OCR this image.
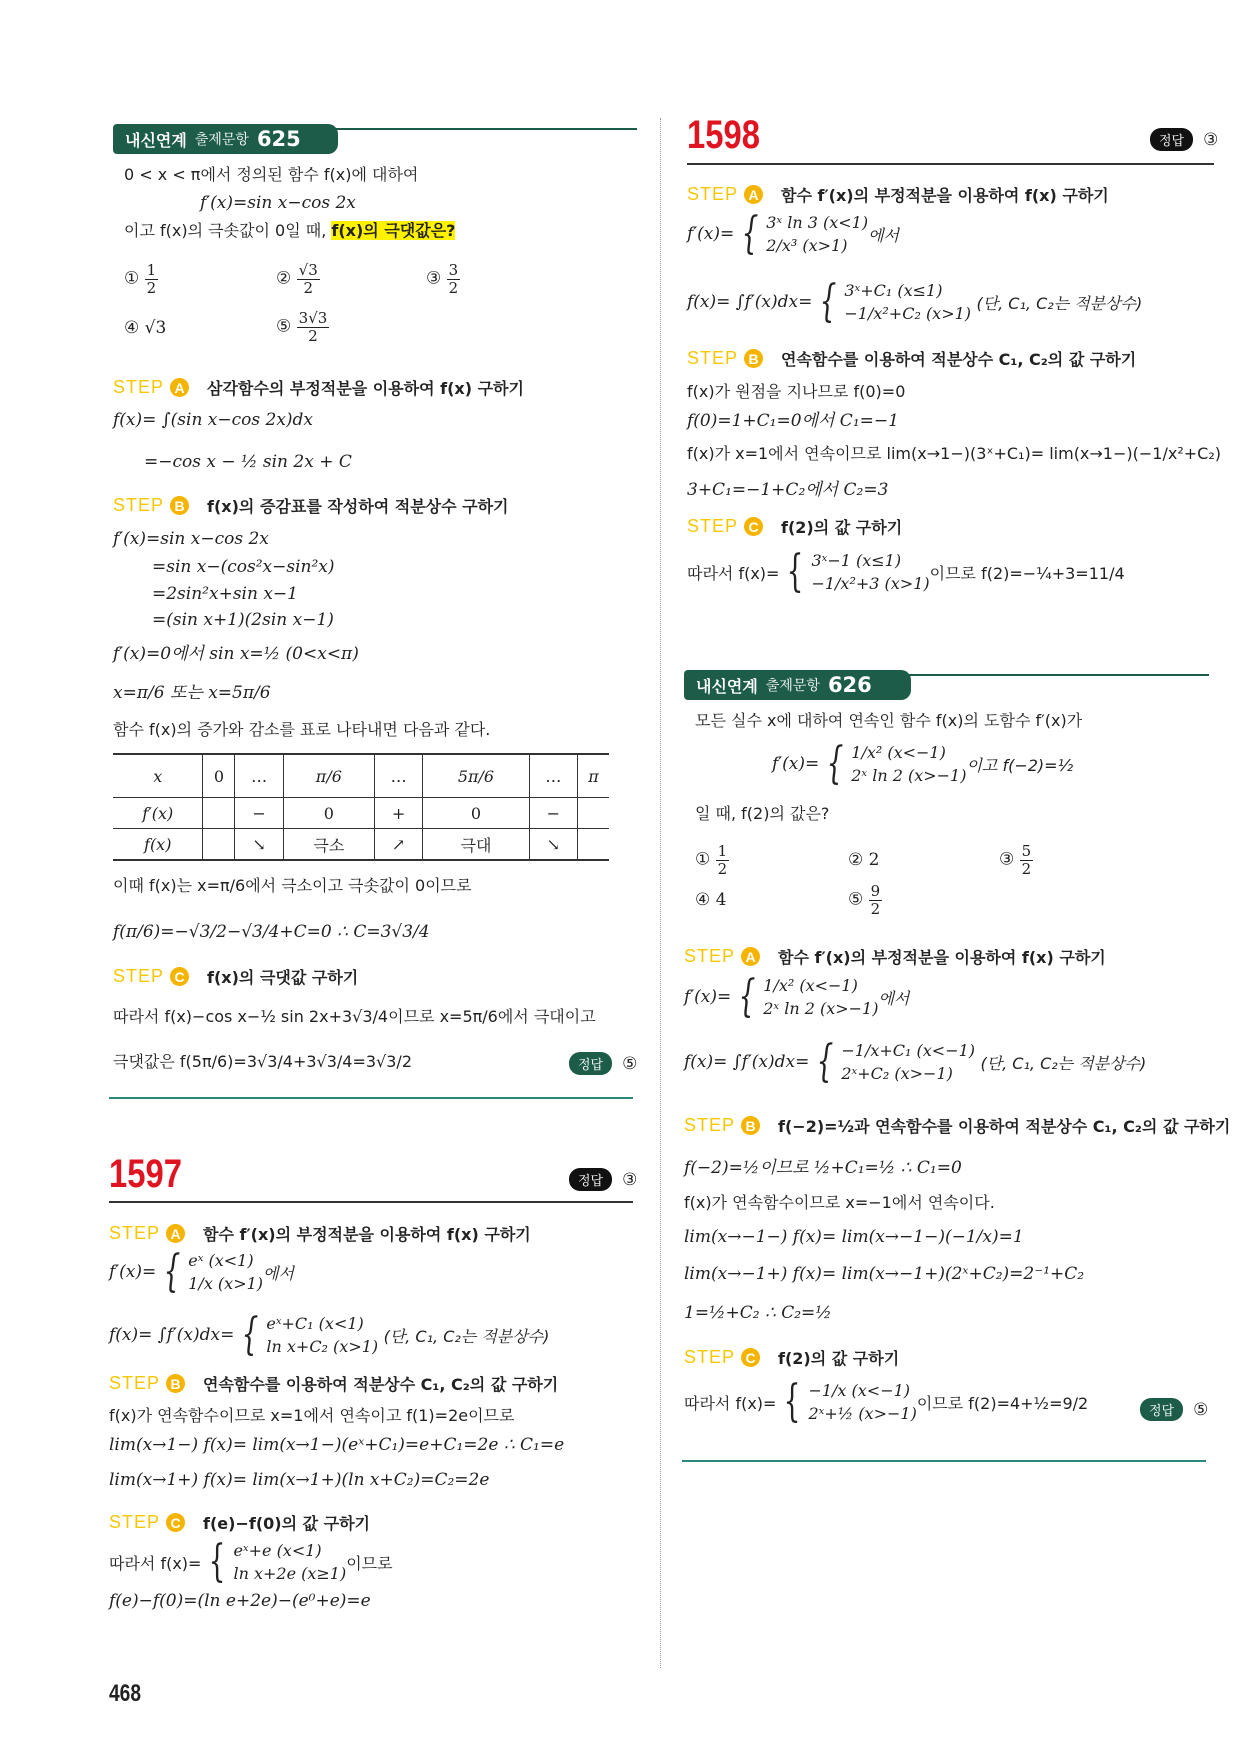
내신연계 출제문항 625
0 < x < π에서 정의된 함수 f(x)에 대하여
f′(x)=sin x−cos 2x
이고 f(x)의 극솟값이 0일 때, f(x)의 극댓값은?
① $\frac{1}{2}$	② $\frac{√3}{2}$	③ $\frac{3}{2}$
④ √3	⑤ $\frac{3√3}{2}$
STEP A 삼각함수의 부정적분을 이용하여 f(x) 구하기
f(x)= ∫(sin x−cos 2x)dx
=−cos x − ½ sin 2x + C
STEP B f(x)의 증감표를 작성하여 적분상수 구하기
f′(x)=sin x−cos 2x
=sin x−(cos²x−sin²x)
=2sin²x+sin x−1
=(sin x+1)(2sin x−1)
f′(x)=0에서 sin x=½ (0<x<π)
x=π/6 또는 x=5π/6
함수 f(x)의 증가와 감소를 표로 나타내면 다음과 같다.
x	0	…	π/6	…	5π/6	…	π
f′(x)		−	0	+	0	−	
f(x)		↘	극소	↗	극대	↘	
이때 f(x)는 x=π/6에서 극소이고 극솟값이 0이므로
f(π/6)=−√3/2−√3/4+C=0 ∴ C=3√3/4
STEP C f(x)의 극댓값 구하기
따라서 f(x)−cos x−½ sin 2x+3√3/4이므로 x=5π/6에서 극대이고
극댓값은 f(5π/6)=3√3/4+3√3/4=3√3/2	정답	⑤
1597	정답	③
STEP A 함수 f′(x)의 부정적분을 이용하여 f(x) 구하기
f′(x)= { eˣ (x<1)
1/x (x>1)
에서
f(x)= ∫f′(x)dx= { eˣ+C₁ (x<1)
ln x+C₂ (x>1)

(단, C₁, C₂는 적분상수)
STEP B 연속함수를 이용하여 적분상수 C₁, C₂의 값 구하기
f(x)가 연속함수이므로 x=1에서 연속이고 f(1)=2e이므로
lim(x→1−) f(x)= lim(x→1−)(eˣ+C₁)=e+C₁=2e ∴ C₁=e
lim(x→1+) f(x)= lim(x→1+)(ln x+C₂)=C₂=2e
STEP C f(e)−f(0)의 값 구하기
따라서 f(x)= { eˣ+e (x<1)
ln x+2e (x≥1)
이므로
f(e)−f(0)=(ln e+2e)−(e⁰+e)=e
468
1598	정답	③
STEP A 함수 f′(x)의 부정적분을 이용하여 f(x) 구하기
f′(x)= { 3ˣ ln 3 (x<1)
2/x³ (x>1)
에서
f(x)= ∫f′(x)dx= { 3ˣ+C₁ (x≤1)
−1/x²+C₂ (x>1)

(단, C₁, C₂는 적분상수)
STEP B 연속함수를 이용하여 적분상수 C₁, C₂의 값 구하기
f(x)가 원점을 지나므로 f(0)=0
f(0)=1+C₁=0에서 C₁=−1
f(x)가 x=1에서 연속이므로 lim(x→1−)(3ˣ+C₁)= lim(x→1−)(−1/x²+C₂)
3+C₁=−1+C₂에서 C₂=3
STEP C f(2)의 값 구하기
따라서 f(x)= { 3ˣ−1 (x≤1)
−1/x²+3 (x>1)
이므로 f(2)=−¼+3=11/4
내신연계 출제문항 626
모든 실수 x에 대하여 연속인 함수 f(x)의 도함수 f′(x)가
f′(x)= { 1/x² (x<−1)
2ˣ ln 2 (x>−1)
이고 f(−2)=½
일 때, f(2)의 값은?
① $\frac{1}{2}$	② 2	③ $\frac{5}{2}$
④ 4	⑤ $\frac{9}{2}$
STEP A 함수 f′(x)의 부정적분을 이용하여 f(x) 구하기
f′(x)= { 1/x² (x<−1)
2ˣ ln 2 (x>−1)
에서
f(x)= ∫f′(x)dx= { −1/x+C₁ (x<−1)
2ˣ+C₂ (x>−1)

(단, C₁, C₂는 적분상수)
STEP B f(−2)=½과 연속함수를 이용하여 적분상수 C₁, C₂의 값 구하기
f(−2)=½이므로 ½+C₁=½ ∴ C₁=0
f(x)가 연속함수이므로 x=−1에서 연속이다.
lim(x→−1−) f(x)= lim(x→−1−)(−1/x)=1
lim(x→−1+) f(x)= lim(x→−1+)(2ˣ+C₂)=2⁻¹+C₂
1=½+C₂ ∴ C₂=½
STEP C f(2)의 값 구하기
따라서 f(x)= { −1/x (x<−1)
2ˣ+½ (x>−1)
이므로 f(2)=4+½=9/2	정답	⑤
